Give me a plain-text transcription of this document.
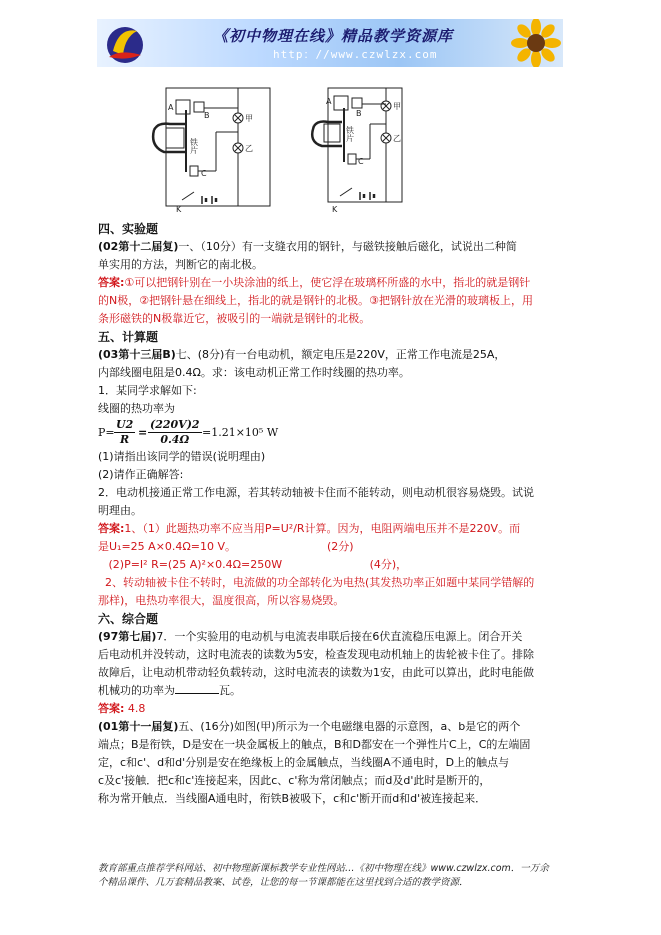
《初中物理在线》精品教学资源库
http：//www.czwlzx.com
A
B
C
K
甲
乙
铁片
A
B
C
K
甲
乙
铁片
四、实验题
(02第十二届复)一、（10分）有一支缝衣用的钢针，与磁铁接触后磁化，试说出二种简
单实用的方法，判断它的南北极。
答案:①可以把钢针别在一小块涂油的纸上，使它浮在玻璃杯所盛的水中，指北的就是钢针
的N极，②把钢针悬在细线上，指北的就是钢针的北极。③把钢针放在光滑的玻璃板上，用
条形磁铁的N极靠近它，被吸引的一端就是钢针的北极。
五、计算题
(03第十三届B)七、(8分)有一台电动机，额定电压是220V，正常工作电流是25A，
内部线圈电阻是0.4Ω。求：该电动机正常工作时线圈的热功率。
1．某同学求解如下:
线圈的热功率为
$P= \frac{U2}{R} = \frac{(220V)2}{0.4\Omega} =1.21\times 10^5$ W
(1)请指出该同学的错误(说明理由)
(2)请作正确解答:
2．电动机接通正常工作电源，若其转动轴被卡住而不能转动，则电动机很容易烧毁。试说
明理由。
答案:1、（1）此题热功率不应当用P=U²/R计算。因为，电阻两端电压并不是220V。而
是U₁=25 A×0.4Ω=10 V。                          (2分)
(2)P=I² R=(25 A)²×0.4Ω=250W                         (4分)，
2、转动轴被卡住不转时，电流做的功全部转化为电热(其发热功率正如题中某同学错解的
那样)，电热功率很大，温度很高，所以容易烧毁。
六、综合题
(97第七届)7．一个实验用的电动机与电流表串联后接在6伏直流稳压电源上。闭合开关
后电动机并没转动，这时电流表的读数为5安，检查发现电动机轴上的齿轮被卡住了。排除
故障后，让电动机带动轻负载转动，这时电流表的读数为1安，由此可以算出，此时电能做
机械功的功率为	瓦。
答案: 4.8
(01第十一届复)五、(16分)如图(甲)所示为一个电磁继电器的示意图，a、b是它的两个
端点；B是衔铁，D是安在一块金属板上的触点，B和D都安在一个弹性片C上，C的左端固
定，c和c'、d和d'分别是安在绝缘板上的金属触点，当线圈A不通电时，D上的触点与
c及c'接触．把c和c'连接起来，因此c、c'称为常闭触点；而d及d'此时是断开的，
称为常开触点．当线圈A通电时，衔铁B被吸下，c和c'断开而d和d'被连接起来．
教育部重点推荐学科网站、初中物理新课标教学专业性网站…《初中物理在线》www.czwlzx.com．一万余
个精品课件、几万套精品教案、试卷，让您的每一节课都能在这里找到合适的教学资源．
